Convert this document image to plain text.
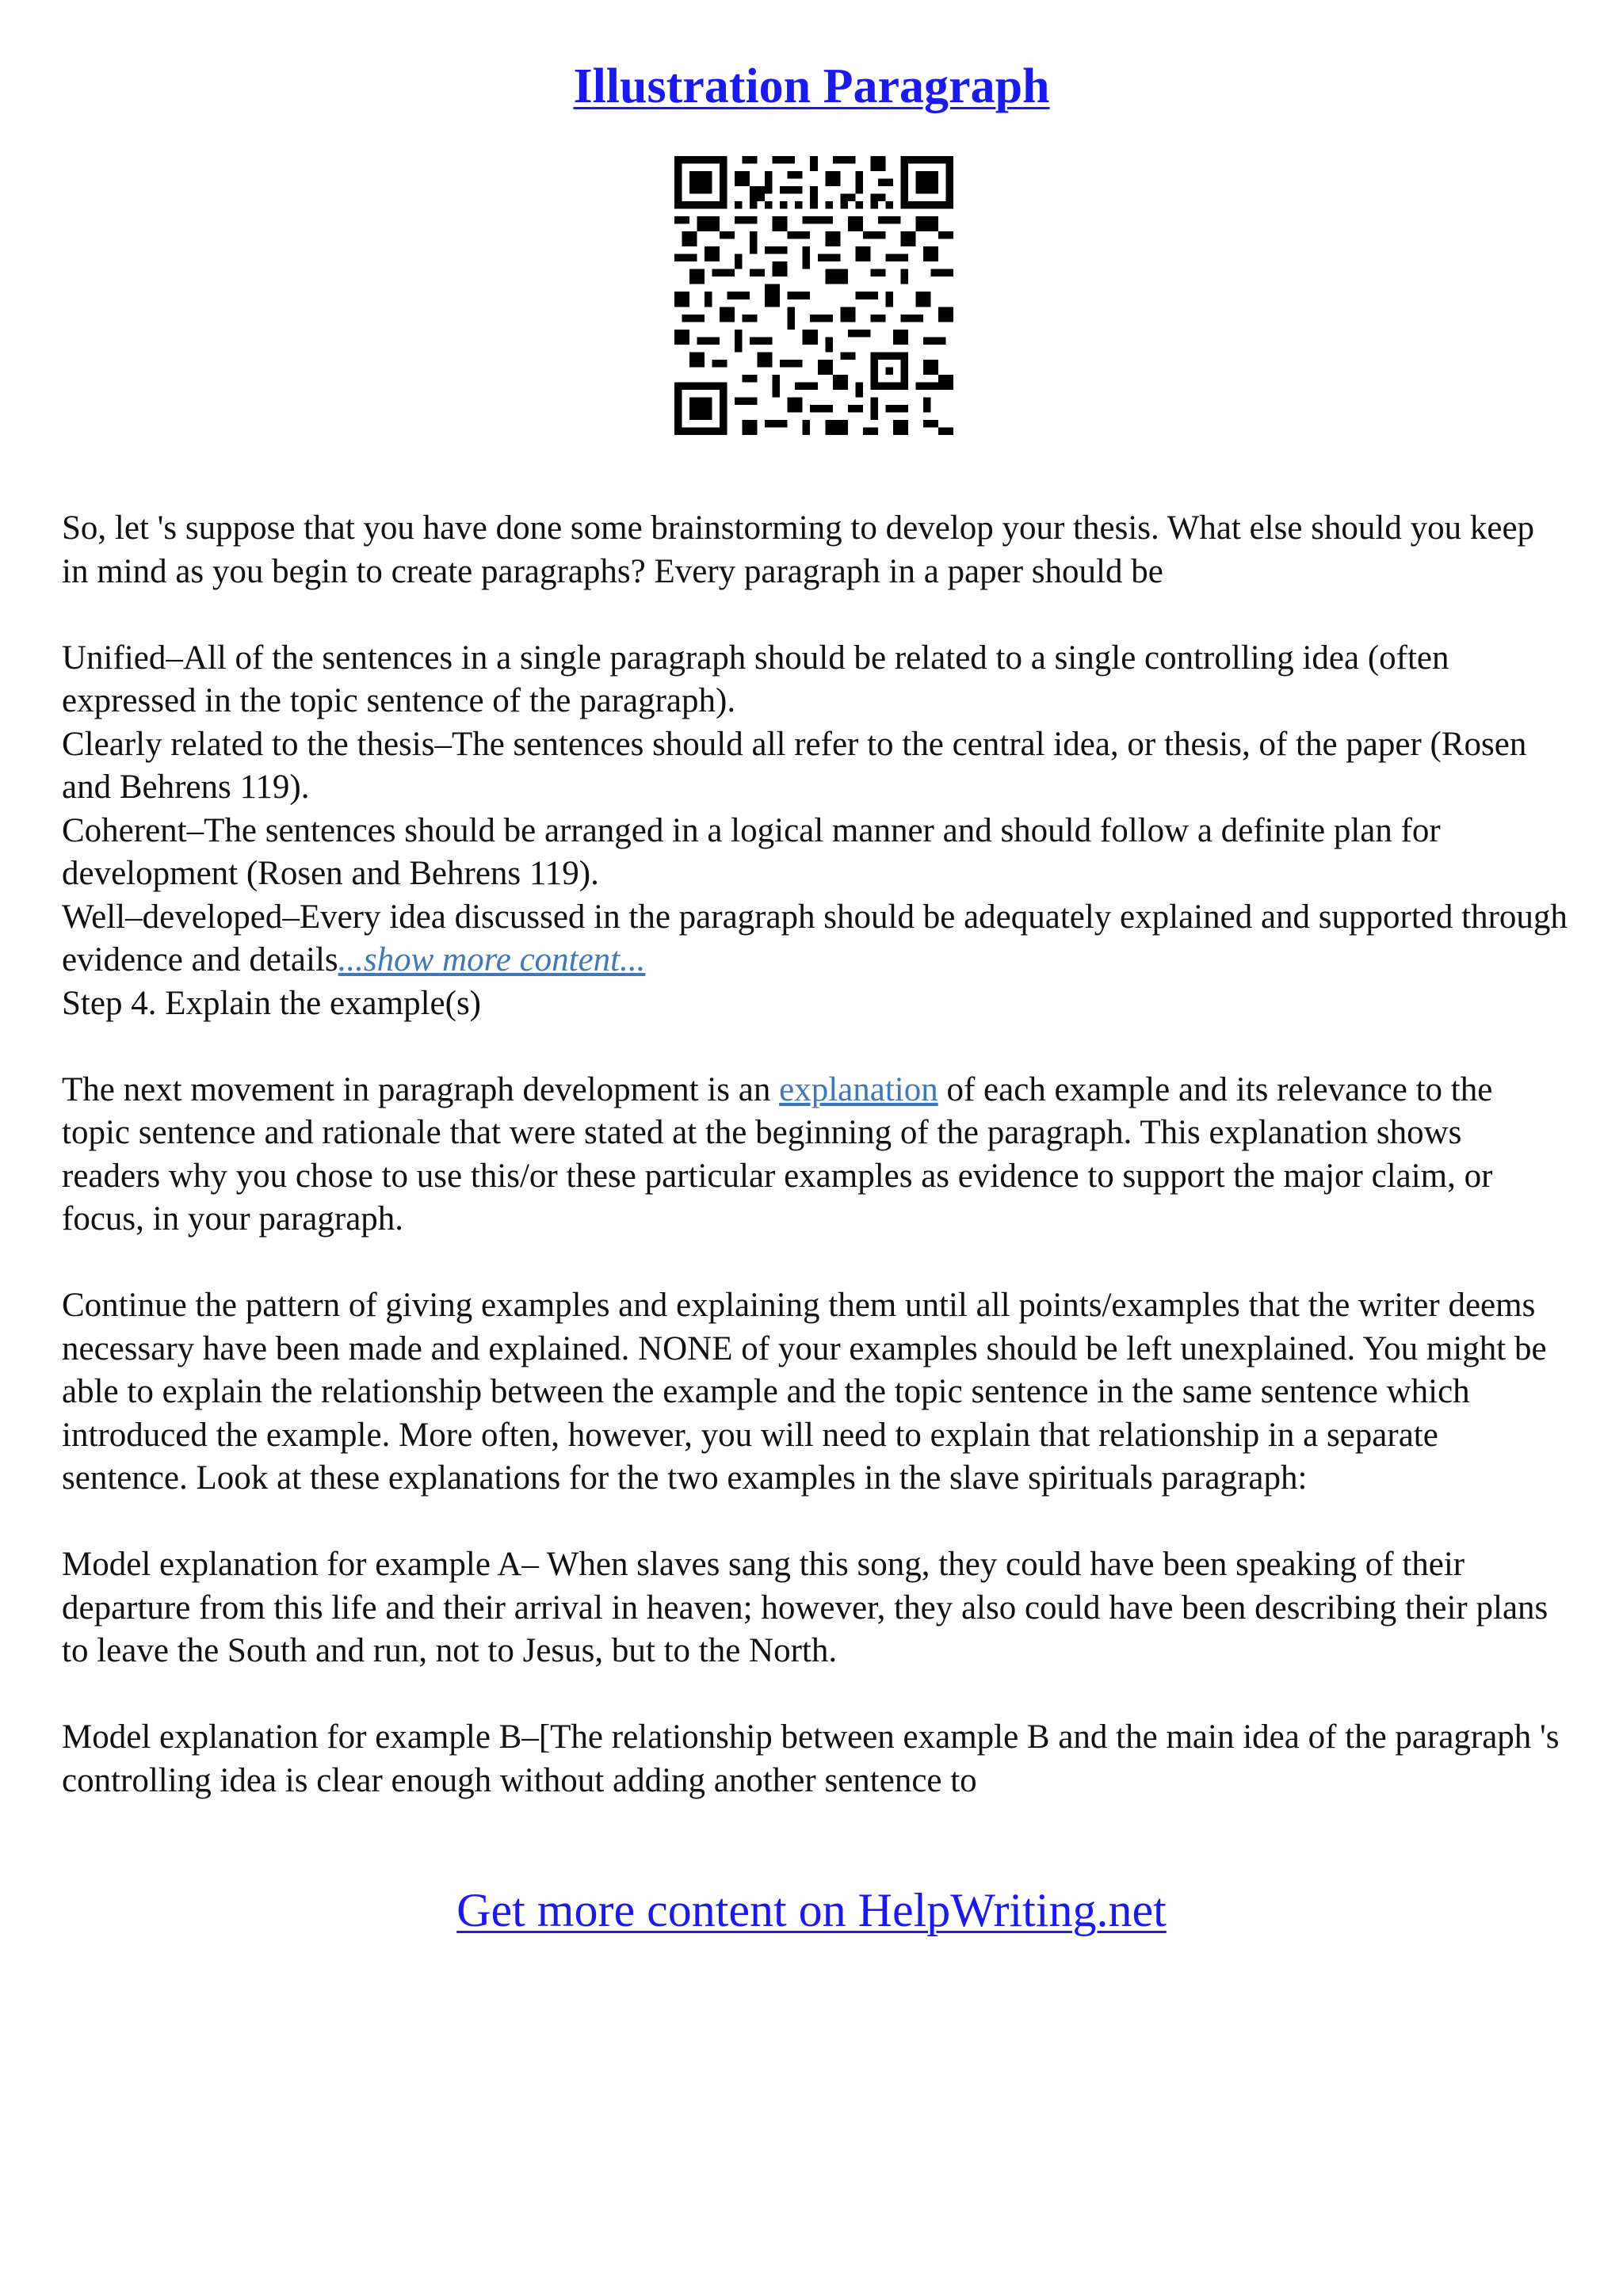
Illustration Paragraph

So, let 's suppose that you have done some brainstorming to develop your thesis. What else should you keep in mind as you begin to create paragraphs? Every paragraph in a paper should be

Unified–All of the sentences in a single paragraph should be related to a single controlling idea (often expressed in the topic sentence of the paragraph).

Clearly related to the thesis–The sentences should all refer to the central idea, or thesis, of the paper (Rosen and Behrens 119).

Coherent–The sentences should be arranged in a logical manner and should follow a definite plan for development (Rosen and Behrens 119).

Well–developed–Every idea discussed in the paragraph should be adequately explained and supported through evidence and details...show more content...

Step 4. Explain the example(s)

The next movement in paragraph development is an explanation of each example and its relevance to the topic sentence and rationale that were stated at the beginning of the paragraph. This explanation shows readers why you chose to use this/or these particular examples as evidence to support the major claim, or focus, in your paragraph.

Continue the pattern of giving examples and explaining them until all points/examples that the writer deems necessary have been made and explained. NONE of your examples should be left unexplained. You might be able to explain the relationship between the example and the topic sentence in the same sentence which introduced the example. More often, however, you will need to explain that relationship in a separate sentence. Look at these explanations for the two examples in the slave spirituals paragraph:

Model explanation for example A– When slaves sang this song, they could have been speaking of their departure from this life and their arrival in heaven; however, they also could have been describing their plans to leave the South and run, not to Jesus, but to the North.

Model explanation for example B–[The relationship between example B and the main idea of the paragraph 's controlling idea is clear enough without adding another sentence to

Get more content on HelpWriting.net
